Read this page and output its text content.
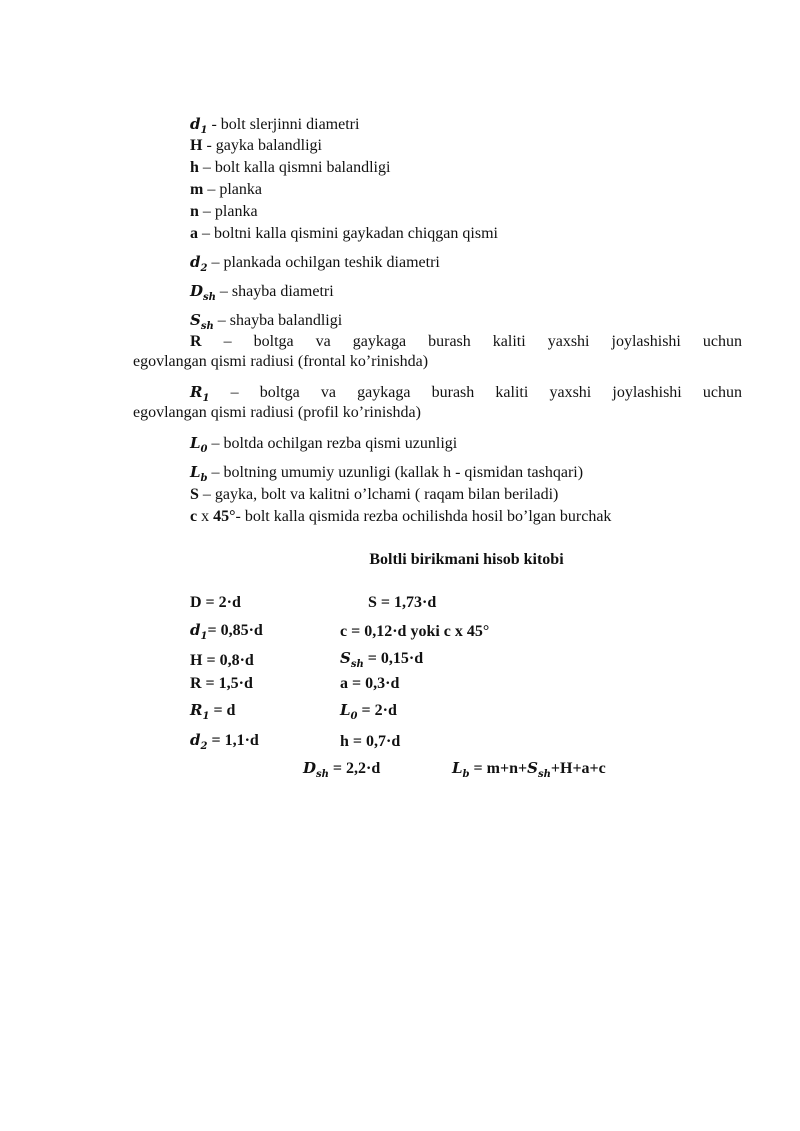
$d_1$ - bolt slerjinni diametri
H - gayka balandligi
h – bolt kalla qismni balandligi
m – planka
n – planka
a – boltni kalla qismini gaykadan chiqgan qismi
$d_2$ – plankada ochilgan teshik diametri
$D_{sh}$ – shayba diametri
$S_{sh}$ – shayba balandligi
R – boltga va gaykaga burash kaliti yaxshi joylashishi uchun
egovlangan qismi radiusi (frontal ko’rinishda)
$R_1$ – boltga va gaykaga burash kaliti yaxshi joylashishi uchun
egovlangan qismi radiusi (profil ko’rinishda)
$L_0$ – boltda ochilgan rezba qismi uzunligi
$L_b$ – boltning umumiy uzunligi (kallak h - qismidan tashqari)
S – gayka, bolt va kalitni o’lchami ( raqam bilan beriladi)
c x 45°- bolt kalla qismida rezba ochilishda hosil bo’lgan burchak
Boltli birikmani hisob kitobi
D = 2·d	S = 1,73·d
$d_1= 0,85\cdot d$	c = 0,12·d yoki c x 45°
H = 0,8·d	$S_{sh} = 0,15\cdot d$
R = 1,5·d	a = 0,3·d
$R_1 = d$	$L_0 = 2\cdot d$
$d_2 = 1,1\cdot d$	h = 0,7·d
$D_{sh} = 2,2\cdot d$	$L_b = m+n+S_{sh}+H+a+c$
